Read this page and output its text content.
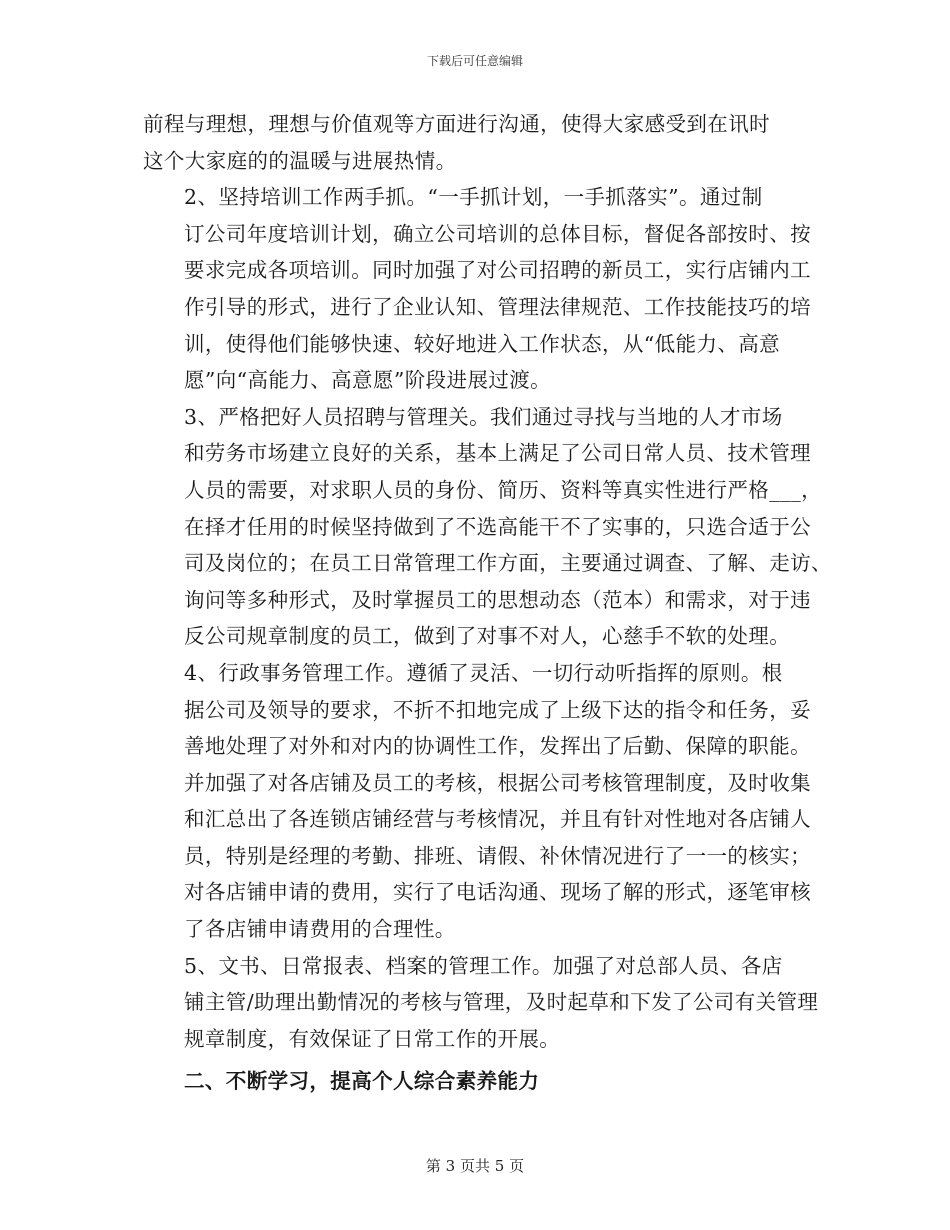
下载后可任意编辑

前程与理想，理想与价值观等方面进行沟通，使得大家感受到在讯时
这个大家庭的的温暖与进展热情。

2、坚持培训工作两手抓。“一手抓计划，一手抓落实”。通过制
订公司年度培训计划，确立公司培训的总体目标，督促各部按时、按
要求完成各项培训。同时加强了对公司招聘的新员工，实行店铺内工
作引导的形式，进行了企业认知、管理法律规范、工作技能技巧的培
训，使得他们能够快速、较好地进入工作状态，从“低能力、高意
愿”向“高能力、高意愿”阶段进展过渡。

3、严格把好人员招聘与管理关。我们通过寻找与当地的人才市场
和劳务市场建立良好的关系，基本上满足了公司日常人员、技术管理
人员的需要，对求职人员的身份、简历、资料等真实性进行严格___，
在择才任用的时候坚持做到了不选高能干不了实事的，只选合适于公
司及岗位的；在员工日常管理工作方面，主要通过调查、了解、走访、
询问等多种形式，及时掌握员工的思想动态（范本）和需求，对于违
反公司规章制度的员工，做到了对事不对人，心慈手不软的处理。

4、行政事务管理工作。遵循了灵活、一切行动听指挥的原则。根
据公司及领导的要求，不折不扣地完成了上级下达的指令和任务，妥
善地处理了对外和对内的协调性工作，发挥出了后勤、保障的职能。
并加强了对各店铺及员工的考核，根据公司考核管理制度，及时收集
和汇总出了各连锁店铺经营与考核情况，并且有针对性地对各店铺人
员，特别是经理的考勤、排班、请假、补休情况进行了一一的核实；
对各店铺申请的费用，实行了电话沟通、现场了解的形式，逐笔审核
了各店铺申请费用的合理性。

5、文书、日常报表、档案的管理工作。加强了对总部人员、各店
铺主管/助理出勤情况的考核与管理，及时起草和下发了公司有关管理
规章制度，有效保证了日常工作的开展。

二、不断学习，提高个人综合素养能力

第 3 页共 5 页
